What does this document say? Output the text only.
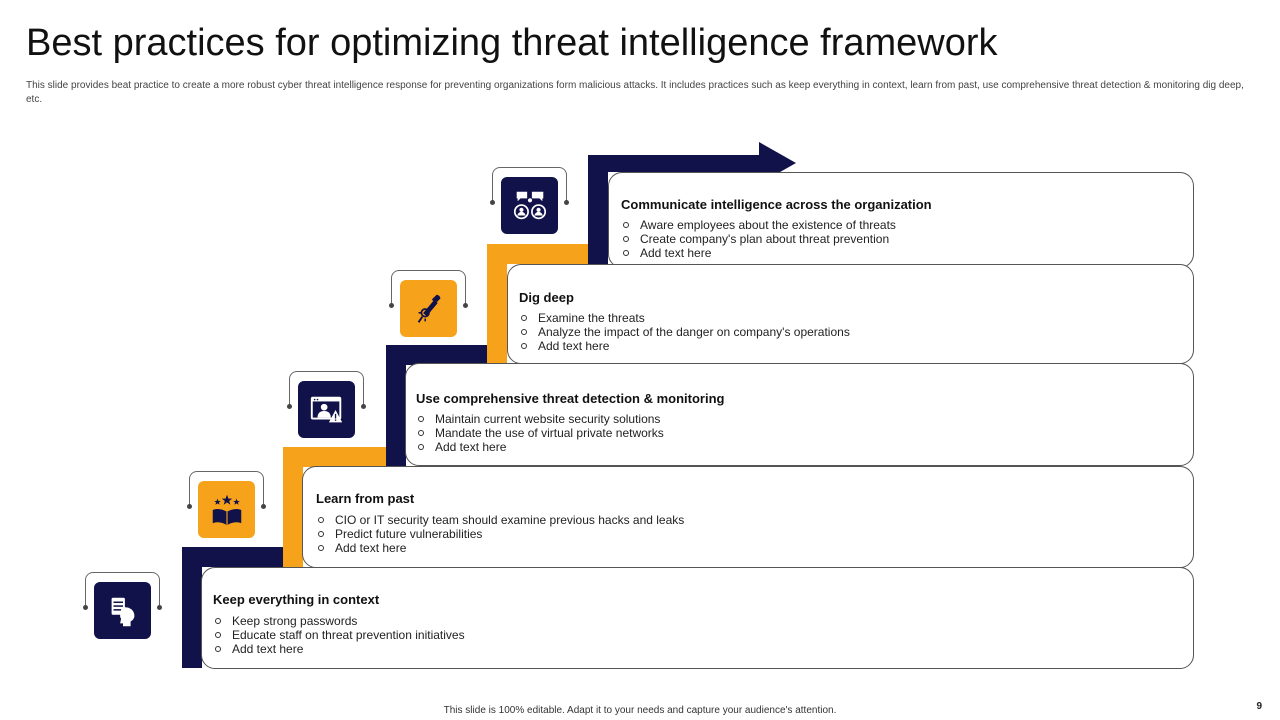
Best practices for optimizing threat intelligence framework

This slide provides beat practice to create a more robust cyber threat intelligence response for preventing organizations form malicious attacks. It includes practices such as keep everything in context, learn from past, use comprehensive threat detection & monitoring dig deep, etc.

Communicate intelligence across the organization
Aware employees about the existence of threats
Create company's plan about threat prevention
Add text here
Dig deep
Examine the threats
Analyze the impact of the danger on company's operations
Add text here
Use comprehensive threat detection & monitoring
Maintain current website security solutions
Mandate the use of virtual private networks
Add text here
Learn from past
CIO or IT security team should examine previous hacks and leaks
Predict future vulnerabilities
Add text here
Keep everything in context
Keep strong passwords
Educate staff on threat prevention initiatives
Add text here
This slide is 100% editable. Adapt it to your needs and capture your audience's attention.	9
